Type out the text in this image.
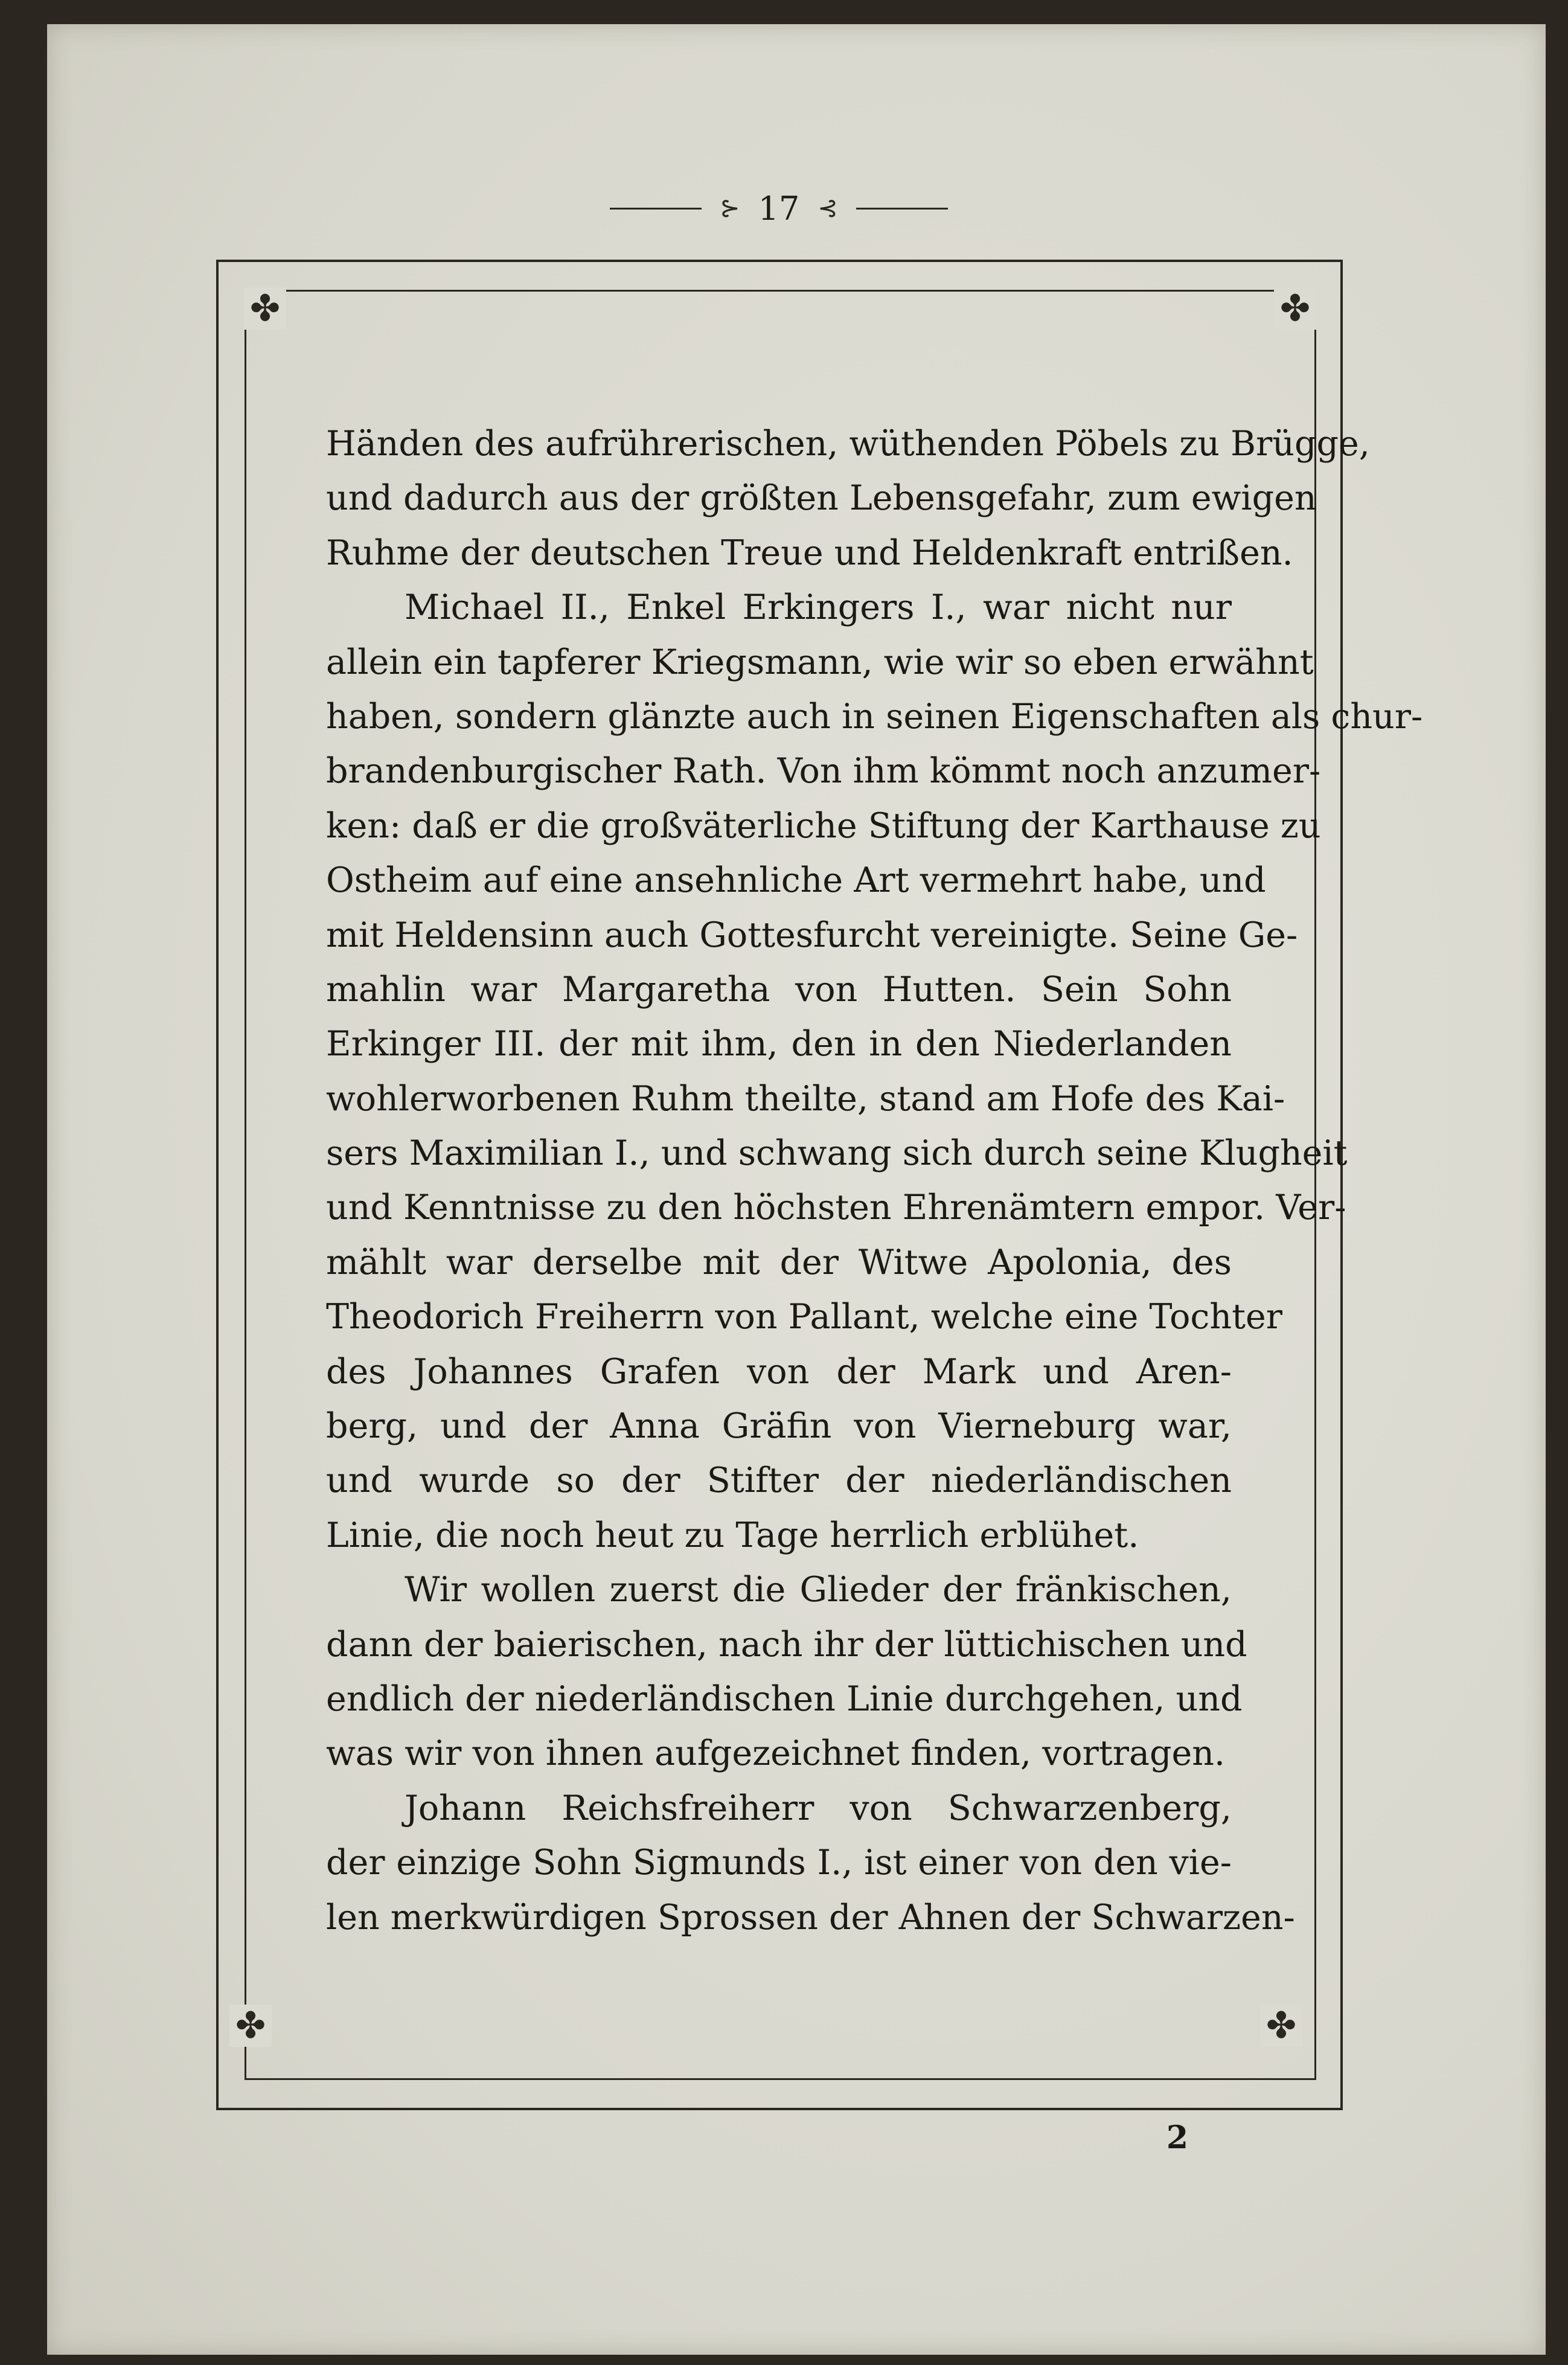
⊱ 17 ⊰
✤	✤
✤	✤
Händen des aufrührerischen, wüthenden Pöbels zu Brügge,
und dadurch aus der größten Lebensgefahr, zum ewigen
Ruhme der deutschen Treue und Heldenkraft entrißen.
Michael II., Enkel Erkingers I., war nicht nur
allein ein tapferer Kriegsmann, wie wir so eben erwähnt
haben, sondern glänzte auch in seinen Eigenschaften als chur-
brandenburgischer Rath. Von ihm kömmt noch anzumer-
ken: daß er die großväterliche Stiftung der Karthause zu
Ostheim auf eine ansehnliche Art vermehrt habe, und
mit Heldensinn auch Gottesfurcht vereinigte. Seine Ge-
mahlin war Margaretha von Hutten. Sein Sohn
Erkinger III. der mit ihm, den in den Niederlanden
wohlerworbenen Ruhm theilte, stand am Hofe des Kai-
sers Maximilian I., und schwang sich durch seine Klugheit
und Kenntnisse zu den höchsten Ehrenämtern empor. Ver-
mählt war derselbe mit der Witwe Apolonia, des
Theodorich Freiherrn von Pallant, welche eine Tochter
des Johannes Grafen von der Mark und Aren-
berg, und der Anna Gräfin von Vierneburg war,
und wurde so der Stifter der niederländischen
Linie, die noch heut zu Tage herrlich erblühet.
Wir wollen zuerst die Glieder der fränkischen,
dann der baierischen, nach ihr der lüttichischen und
endlich der niederländischen Linie durchgehen, und
was wir von ihnen aufgezeichnet finden, vortragen.
Johann Reichsfreiherr von Schwarzenberg,
der einzige Sohn Sigmunds I., ist einer von den vie-
len merkwürdigen Sprossen der Ahnen der Schwarzen-
2
